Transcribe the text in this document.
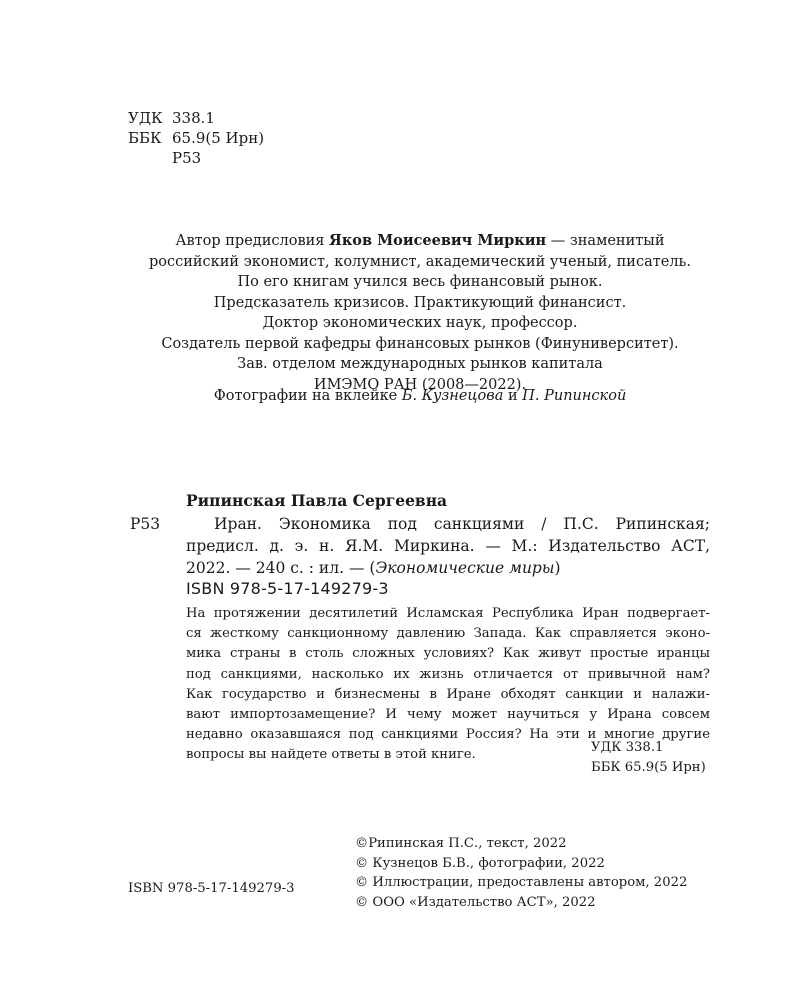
УДК 338.1
ББК 65.9(5 Ирн)
Р53
Автор предисловия Яков Моисеевич Миркин — знаменитый
российский экономист, колумнист, академический ученый, писатель.
По его книгам учился весь финансовый рынок.
Предсказатель кризисов. Практикующий финансист.
Доктор экономических наук, профессор.
Создатель первой кафедры финансовых рынков (Финуниверситет).
Зав. отделом международных рынков капитала
ИМЭМО РАН (2008—2022).
Фотографии на вклейке Б. Кузнецова и П. Рипинской
Рипинская Павла Сергеевна
Р53	Иран. Экономика под санкциями / П.С. Рипинская;
предисл. д. э. н. Я.М. Миркина. — М.: Издательство АСТ,
2022. — 240 с. : ил. — (Экономические миры)
ISBN 978-5-17-149279-3
На протяжении десятилетий Исламская Республика Иран подвергает-
ся жесткому санкционному давлению Запада. Как справляется эконо-
мика страны в столь сложных условиях? Как живут простые иранцы
под санкциями, насколько их жизнь отличается от привычной нам?
Как государство и бизнесмены в Иране обходят санкции и налажи-
вают импортозамещение? И чему может научиться у Ирана совсем
недавно оказавшаяся под санкциями Россия? На эти и многие другие
вопросы вы найдете ответы в этой книге.	УДК 338.1
ББК 65.9(5 Ирн)
©Рипинская П.С., текст, 2022
© Кузнецов Б.В., фотографии, 2022
© Иллюстрации, предоставлены автором, 2022
© ООО «Издательство АСТ», 2022
ISBN 978-5-17-149279-3
